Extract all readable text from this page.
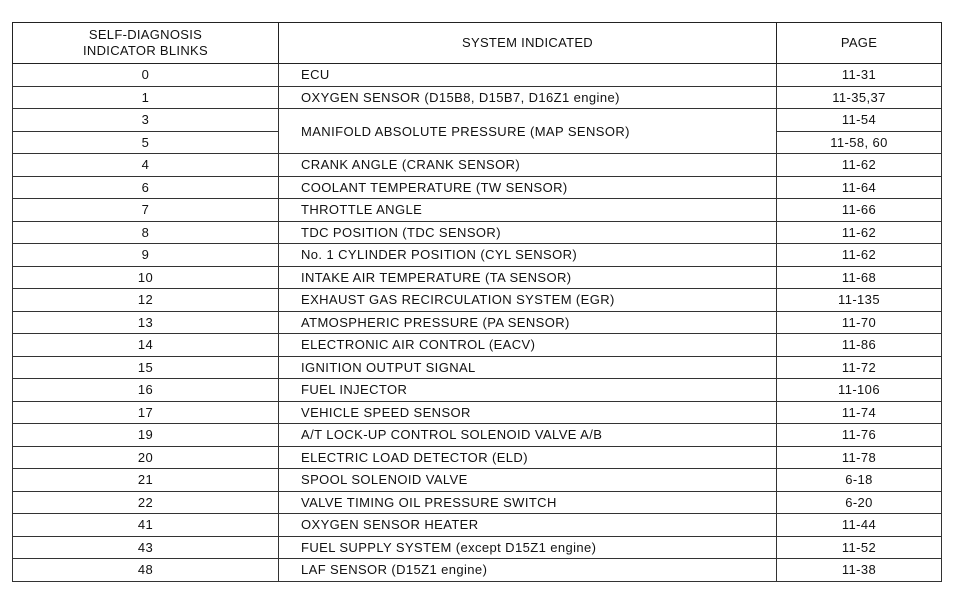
SELF-DIAGNOSIS
INDICATOR BLINKS	SYSTEM INDICATED	PAGE
0	ECU	11-31
1	OXYGEN SENSOR (D15B8, D15B7, D16Z1 engine)	11-35,37
3	MANIFOLD ABSOLUTE PRESSURE (MAP SENSOR)	11-54
5		11-58, 60
4	CRANK ANGLE (CRANK SENSOR)	11-62
6	COOLANT TEMPERATURE (TW SENSOR)	11-64
7	THROTTLE ANGLE	11-66
8	TDC POSITION (TDC SENSOR)	11-62
9	No. 1 CYLINDER POSITION (CYL SENSOR)	11-62
10	INTAKE AIR TEMPERATURE (TA SENSOR)	11-68
12	EXHAUST GAS RECIRCULATION SYSTEM (EGR)	11-135
13	ATMOSPHERIC PRESSURE (PA SENSOR)	11-70
14	ELECTRONIC AIR CONTROL (EACV)	11-86
15	IGNITION OUTPUT SIGNAL	11-72
16	FUEL INJECTOR	11-106
17	VEHICLE SPEED SENSOR	11-74
19	A/T LOCK-UP CONTROL SOLENOID VALVE A/B	11-76
20	ELECTRIC LOAD DETECTOR (ELD)	11-78
21	SPOOL SOLENOID VALVE	6-18
22	VALVE TIMING OIL PRESSURE SWITCH	6-20
41	OXYGEN SENSOR HEATER	11-44
43	FUEL SUPPLY SYSTEM (except D15Z1 engine)	11-52
48	LAF SENSOR (D15Z1 engine)	11-38
